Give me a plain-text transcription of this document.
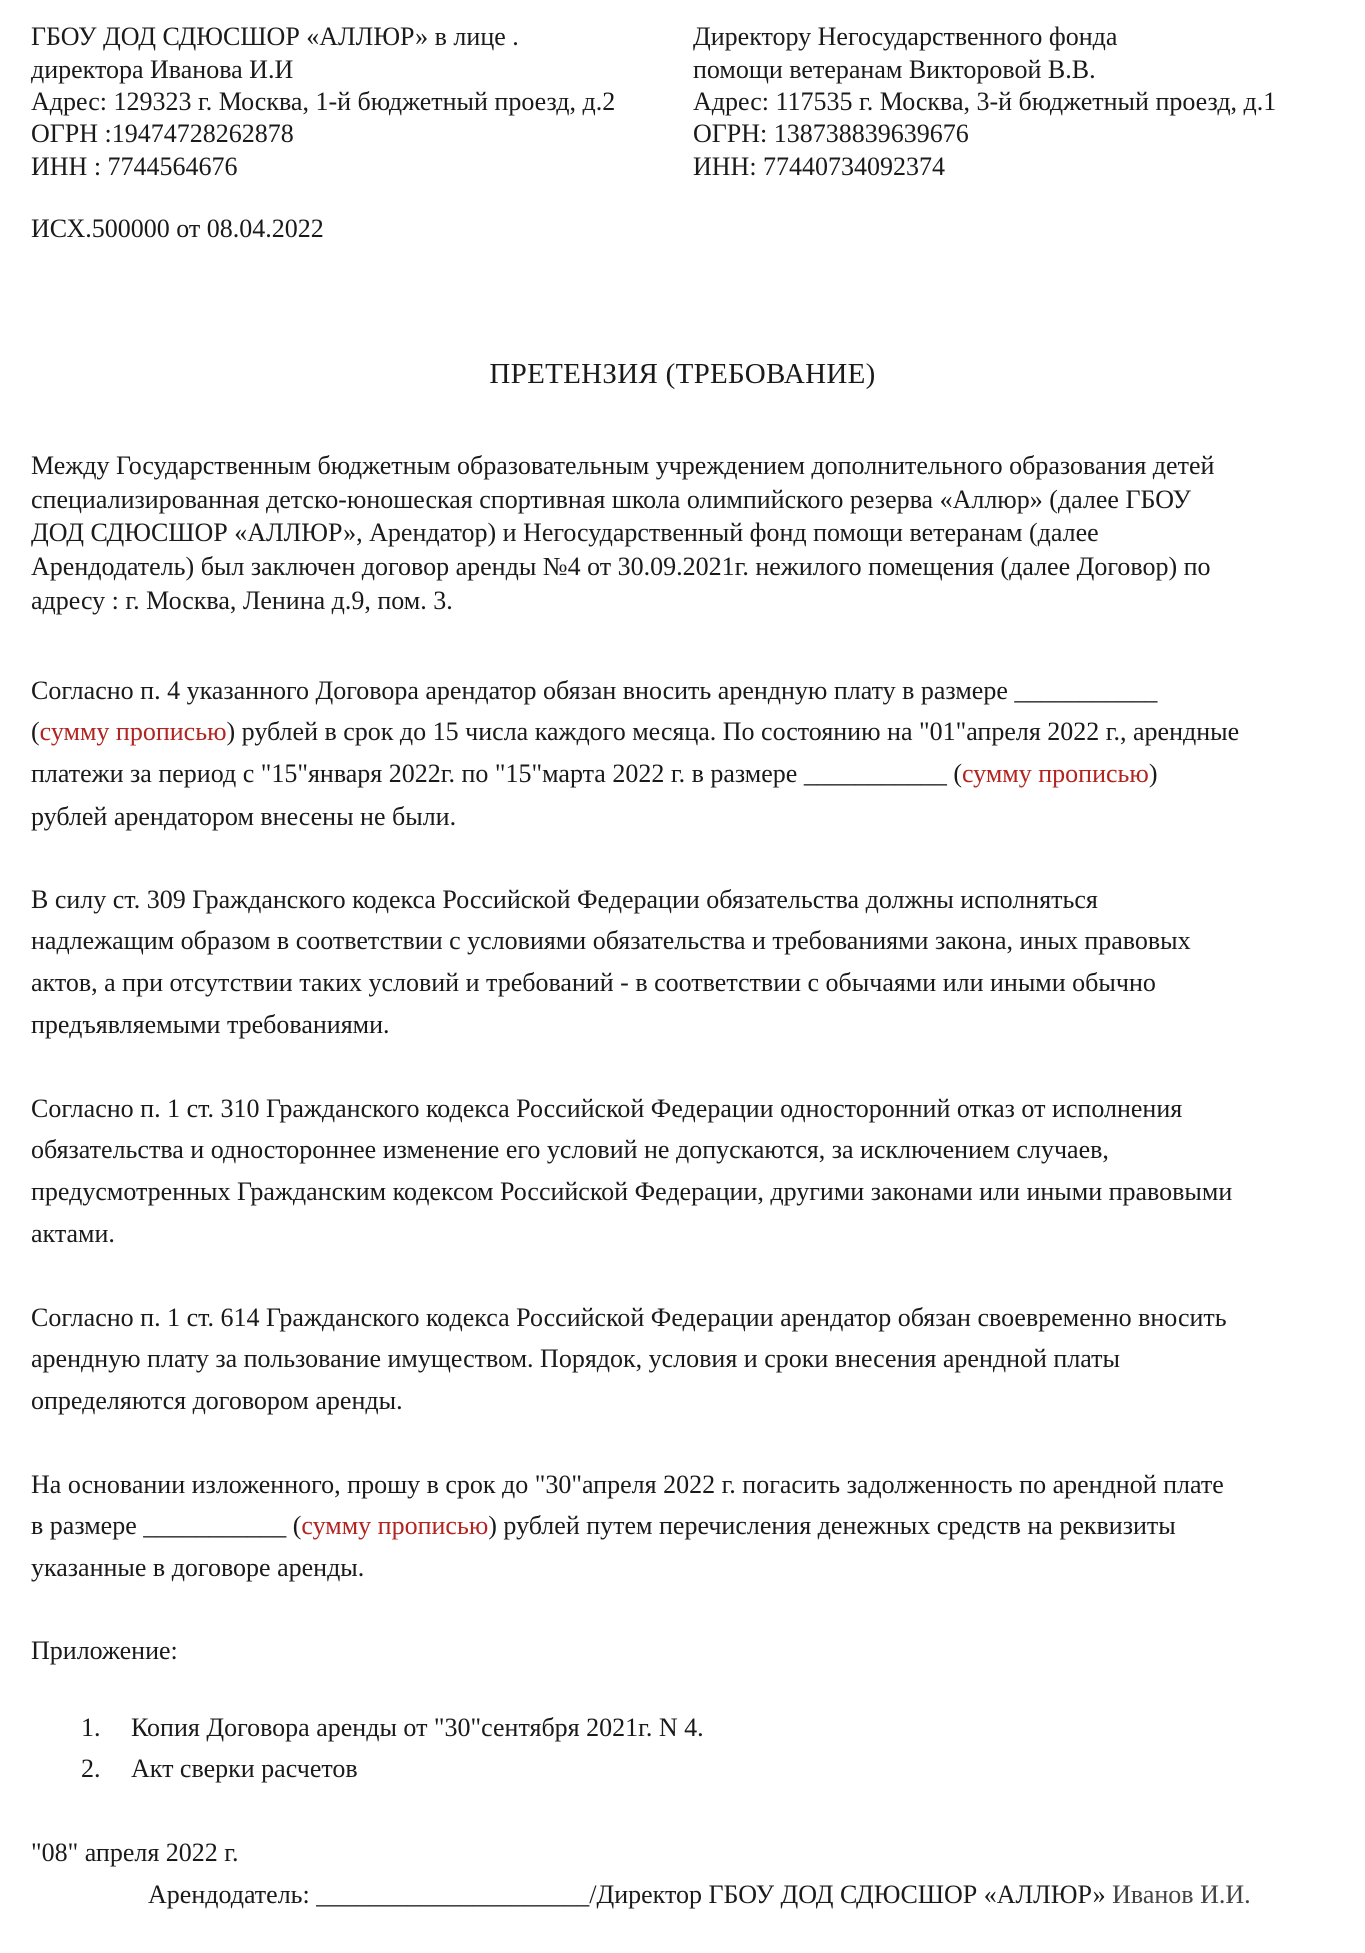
ГБОУ ДОД СДЮСШОР «АЛЛЮР» в лице .
директора Иванова И.И
Адрес: 129323 г. Москва, 1-й бюджетный проезд, д.2
ОГРН :19474728262878
ИНН : 7744564676
Директору Негосударственного фонда
помощи ветеранам Викторовой В.В.
Адрес: 117535 г. Москва, 3-й бюджетный проезд, д.1
ОГРН: 138738839639676
ИНН: 77440734092374
ИСХ.500000 от 08.04.2022
ПРЕТЕНЗИЯ (ТРЕБОВАНИЕ)
Между Государственным бюджетным образовательным учреждением дополнительного образования детей
специализированная детско-юношеская спортивная школа олимпийского резерва «Аллюр» (далее ГБОУ
ДОД СДЮСШОР «АЛЛЮР», Арендатор) и Негосударственный фонд помощи ветеранам (далее
Арендодатель) был заключен договор аренды №4 от 30.09.2021г. нежилого помещения (далее Договор) по
адресу : г. Москва, Ленина д.9, пом. 3.
Согласно п. 4 указанного Договора арендатор обязан вносить арендную плату в размере ___________
(сумму прописью) рублей в срок до 15 числа каждого месяца. По состоянию на "01"апреля 2022 г., арендные
платежи за период с "15"января 2022г. по "15"марта 2022 г. в размере ___________ (сумму прописью)
рублей арендатором внесены не были.
В силу ст. 309 Гражданского кодекса Российской Федерации обязательства должны исполняться
надлежащим образом в соответствии с условиями обязательства и требованиями закона, иных правовых
актов, а при отсутствии таких условий и требований - в соответствии с обычаями или иными обычно
предъявляемыми требованиями.
Согласно п. 1 ст. 310 Гражданского кодекса Российской Федерации односторонний отказ от исполнения
обязательства и одностороннее изменение его условий не допускаются, за исключением случаев,
предусмотренных Гражданским кодексом Российской Федерации, другими законами или иными правовыми
актами.
Согласно п. 1 ст. 614 Гражданского кодекса Российской Федерации арендатор обязан своевременно вносить
арендную плату за пользование имуществом. Порядок, условия и сроки внесения арендной платы
определяются договором аренды.
На основании изложенного, прошу в срок до "30"апреля 2022 г. погасить задолженность по арендной плате
в размере ___________ (сумму прописью) рублей путем перечисления денежных средств на реквизиты
указанные в договоре аренды.
Приложение:
1. Копия Договора аренды от "30"сентября 2021г. N 4.
2. Акт сверки расчетов
"08" апреля 2022 г.
Арендодатель: _____________________/Директор ГБОУ ДОД СДЮСШОР «АЛЛЮР» Иванов И.И.
